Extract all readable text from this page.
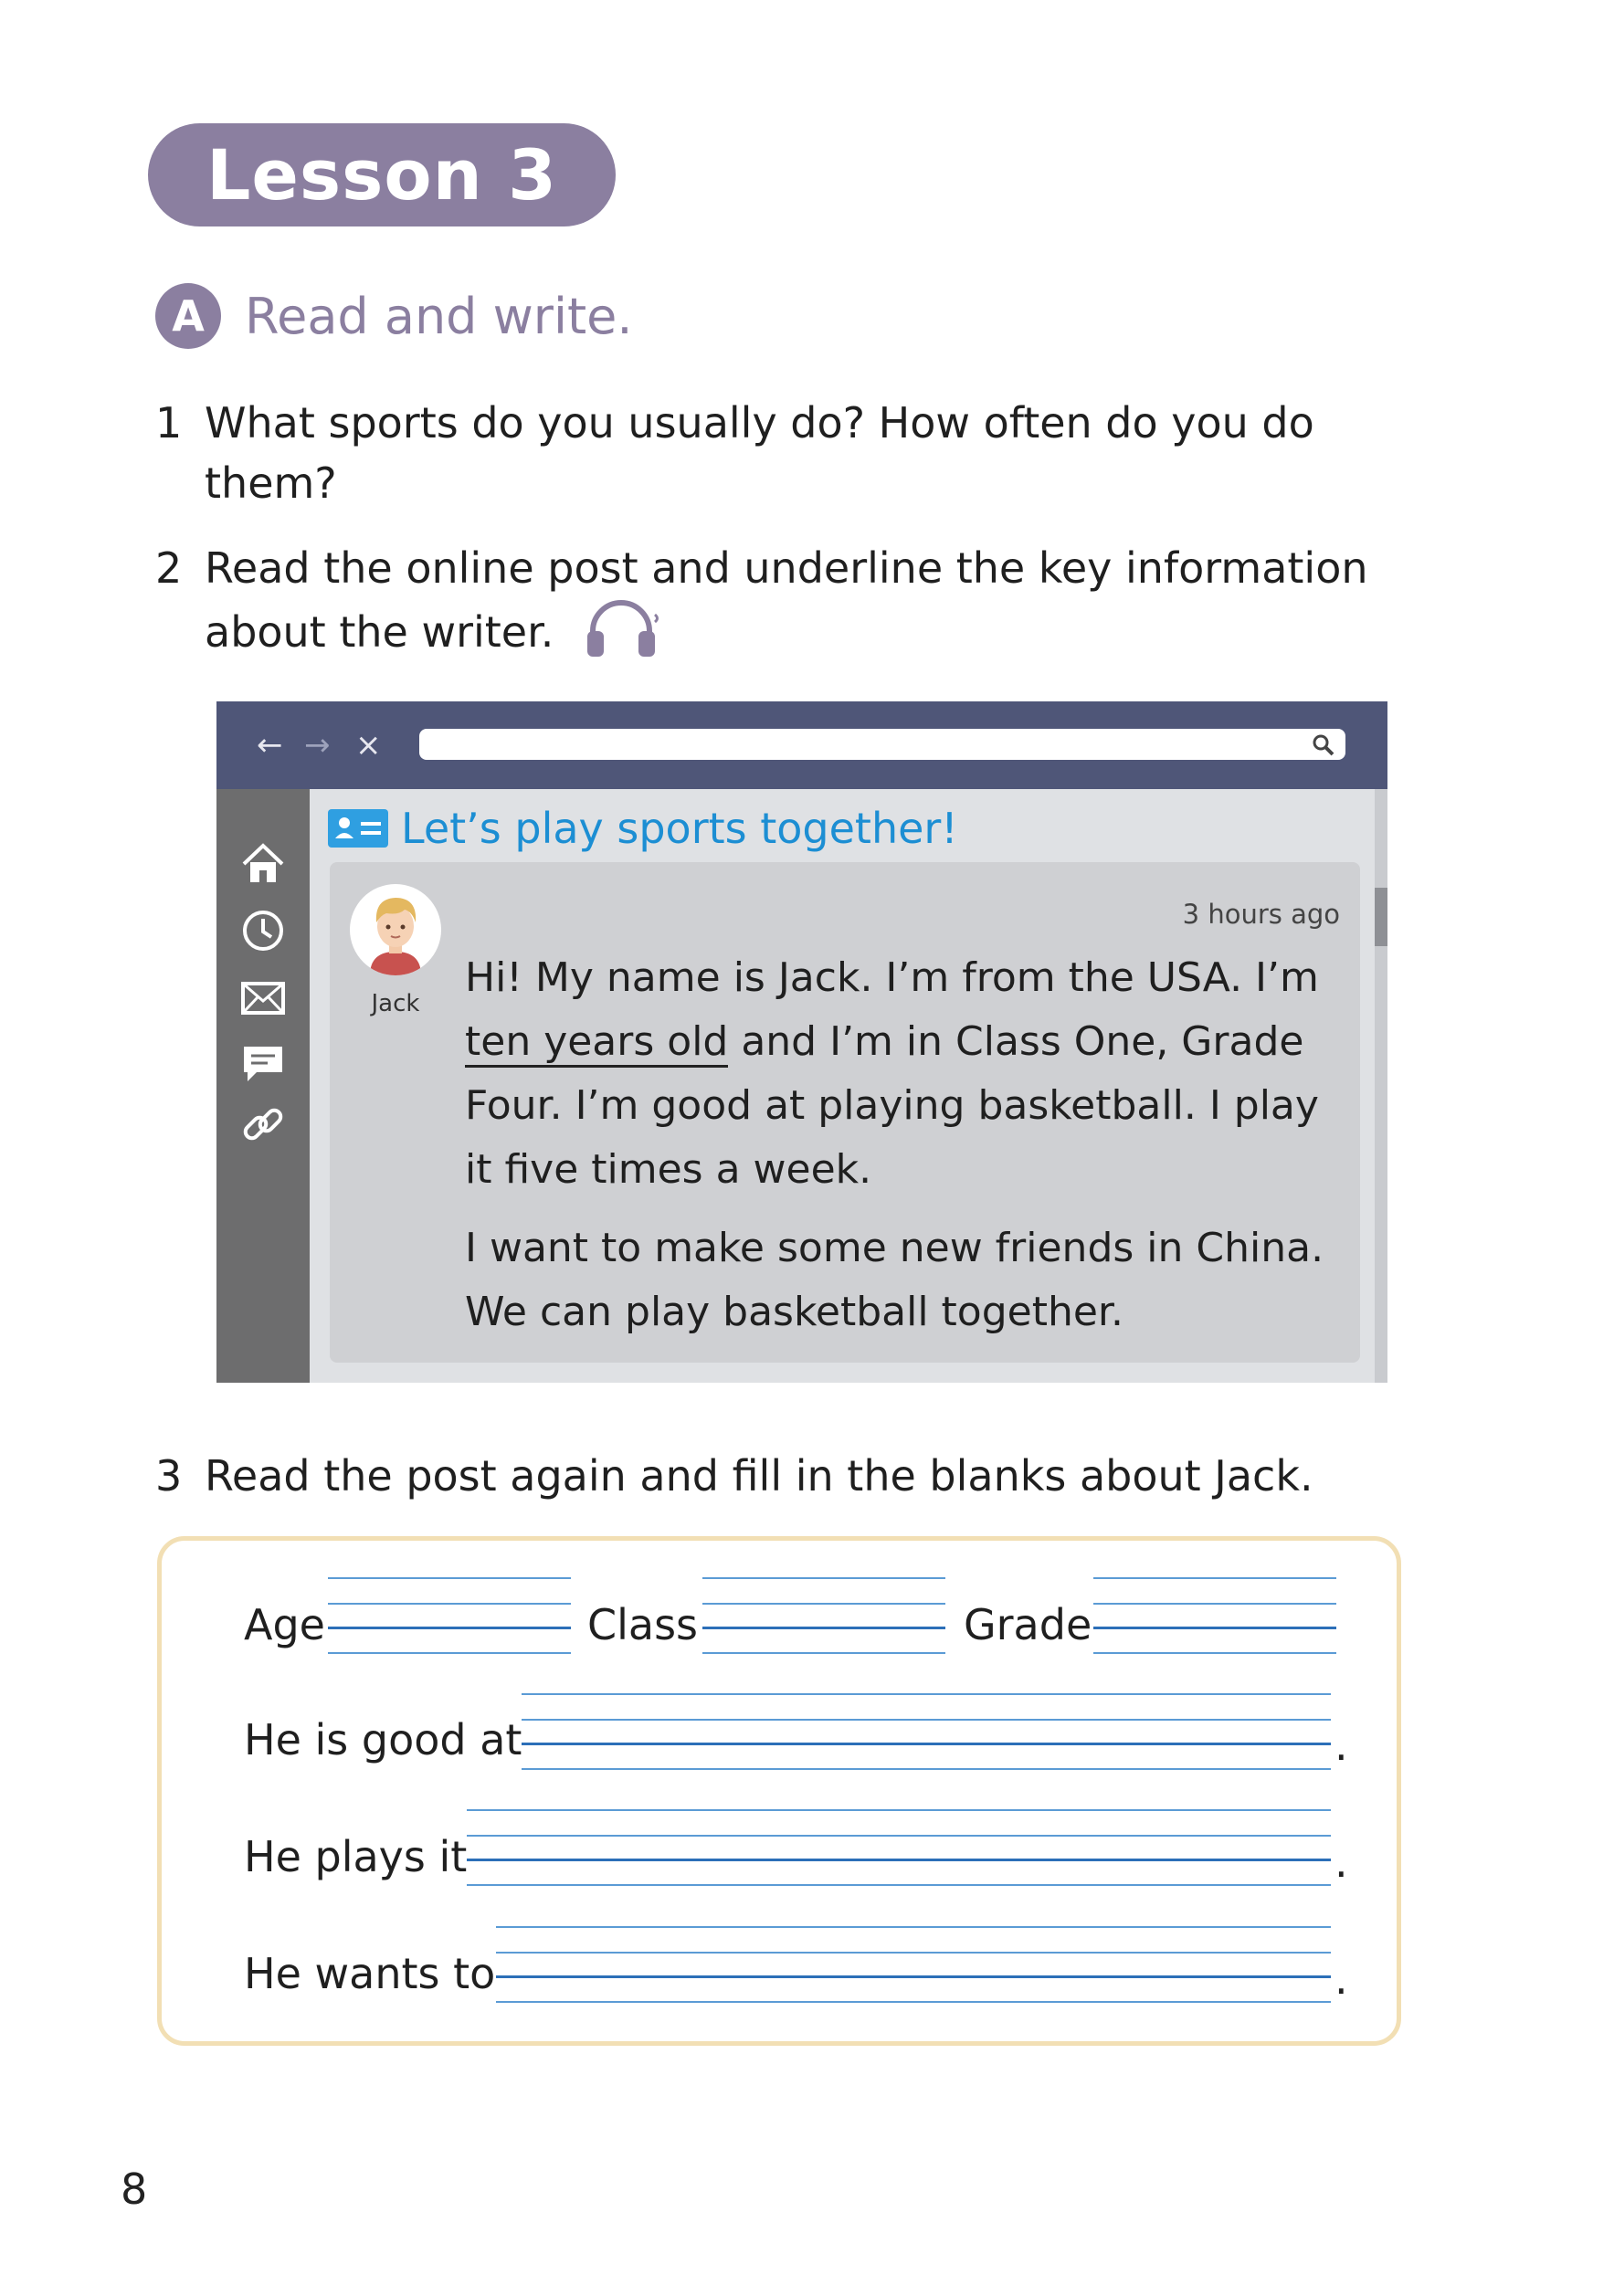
Lesson 3
A Read and write.
1 What sports do you usually do? How often do you do them?
2 Read the online post and underline the key information about the writer.
← → ×
Let’s play sports together!
Jack
3 hours ago

Hi! My name is Jack. I’m from the USA. I’m ten years old and I’m in Class One, Grade Four. I’m good at playing basketball. I play it five times a week.

I want to make some new friends in China. We can play basketball together.

3 Read the post again and fill in the blanks about Jack.
Age	Class	Grade
He is good at	.
He plays it	.
He wants to	.
8
